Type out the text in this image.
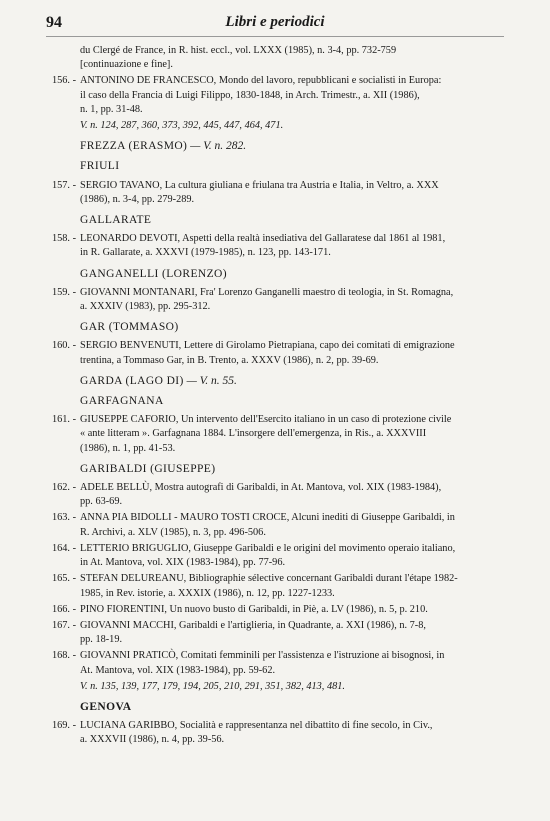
94	Libri e periodici
du Clergé de France, in R. hist. eccl., vol. LXXX (1985), n. 3-4, pp. 732-759
[continuazione e fine].
156. - ANTONINO DE FRANCESCO, Mondo del lavoro, repubblicani e socialisti in Europa:
il caso della Francia di Luigi Filippo, 1830-1848, in Arch. Trimestr., a. XII (1986),
n. 1, pp. 31-48.
V. n. 124, 287, 360, 373, 392, 445, 447, 464, 471.
FREZZA (ERASMO) — V. n. 282.
FRIULI
157. - SERGIO TAVANO, La cultura giuliana e friulana tra Austria e Italia, in Veltro, a. XXX
(1986), n. 3-4, pp. 279-289.
GALLARATE
158. - LEONARDO DEVOTI, Aspetti della realtà insediativa del Gallaratese dal 1861 al 1981,
in R. Gallarate, a. XXXVI (1979-1985), n. 123, pp. 143-171.
GANGANELLI (LORENZO)
159. - GIOVANNI MONTANARI, Fra' Lorenzo Ganganelli maestro di teologia, in St. Romagna,
a. XXXIV (1983), pp. 295-312.
GAR (TOMMASO)
160. - SERGIO BENVENUTI, Lettere di Girolamo Pietrapiana, capo dei comitati di emigrazione
trentina, a Tommaso Gar, in B. Trento, a. XXXV (1986), n. 2, pp. 39-69.
GARDA (LAGO DI) — V. n. 55.
GARFAGNANA
161. - GIUSEPPE CAFORIO, Un intervento dell'Esercito italiano in un caso di protezione civile
« ante litteram ». Garfagnana 1884. L'insorgere dell'emergenza, in Ris., a. XXXVIII
(1986), n. 1, pp. 41-53.
GARIBALDI (GIUSEPPE)
162. - ADELE BELLÙ, Mostra autografi di Garibaldi, in At. Mantova, vol. XIX (1983-1984),
pp. 63-69.
163. - ANNA PIA BIDOLLI - MAURO TOSTI CROCE, Alcuni inediti di Giuseppe Garibaldi, in
R. Archivi, a. XLV (1985), n. 3, pp. 496-506.
164. - LETTERIO BRIGUGLIO, Giuseppe Garibaldi e le origini del movimento operaio italiano,
in At. Mantova, vol. XIX (1983-1984), pp. 77-96.
165. - STEFAN DELUREANU, Bibliographie sélective concernant Garibaldi durant l'étape 1982-
1985, in Rev. istorie, a. XXXIX (1986), n. 12, pp. 1227-1233.
166. - PINO FIORENTINI, Un nuovo busto di Garibaldi, in Piè, a. LV (1986), n. 5, p. 210.
167. - GIOVANNI MACCHI, Garibaldi e l'artiglieria, in Quadrante, a. XXI (1986), n. 7-8,
pp. 18-19.
168. - GIOVANNI PRATICÒ, Comitati femminili per l'assistenza e l'istruzione ai bisognosi, in
At. Mantova, vol. XIX (1983-1984), pp. 59-62.
V. n. 135, 139, 177, 179, 194, 205, 210, 291, 351, 382, 413, 481.
GENOVA
169. - LUCIANA GARIBBO, Socialità e rappresentanza nel dibattito di fine secolo, in Civ.,
a. XXXVII (1986), n. 4, pp. 39-56.
